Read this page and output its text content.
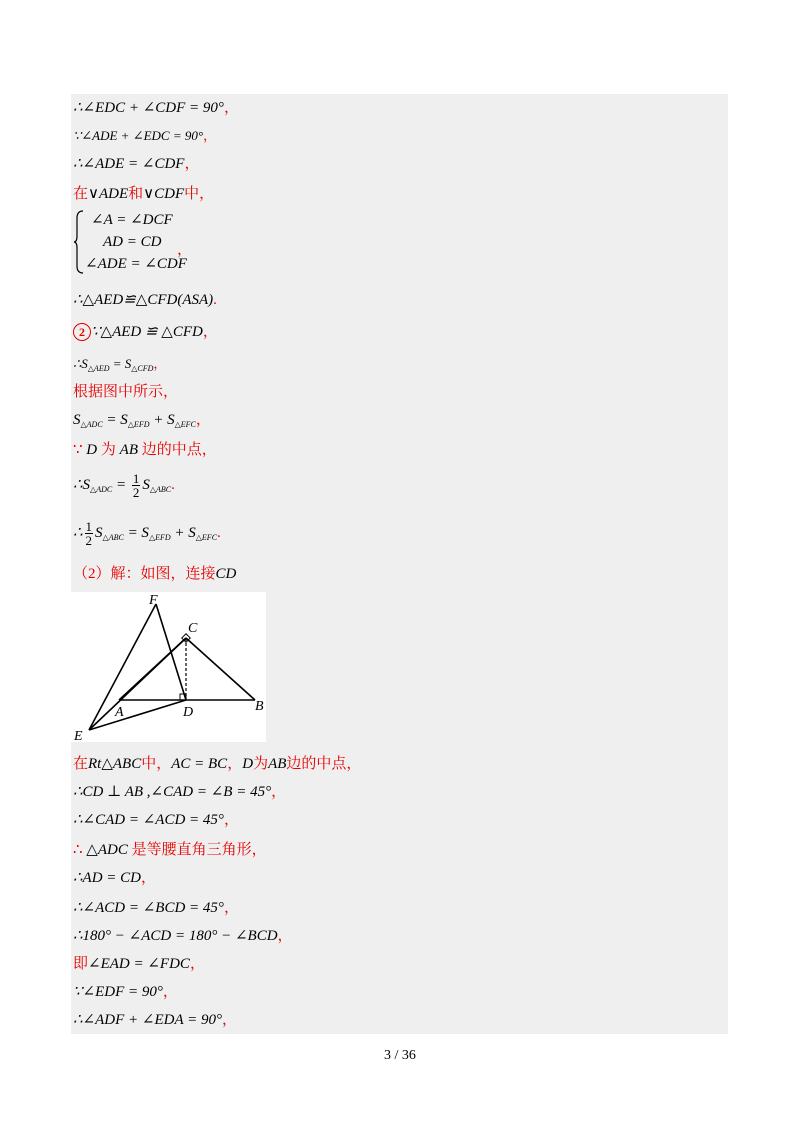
∴∠EDC + ∠CDF = 90°，
∵∠ADE + ∠EDC = 90°，
∴∠ADE = ∠CDF，
在∨ADE和∨CDF中，
∠A = ∠DCF
AD = CD
∠ADE = ∠CDF
，
∴△AED≌△CFD(ASA).
2 ∵△AED ≌ △CFD，
$\therefore S_{\triangle AED} = S_{\triangle CFD}$，
根据图中所示，
$S_{\triangle ADC} = S_{\triangle EFD} + S_{\triangle EFC}$，
∵ D 为 AB 边的中点，
$\therefore S_{\triangle ADC} = \frac{1}{2} S_{\triangle ABC}$.
∴ $\frac{1}{2} S_{\triangle ABC} = S_{\triangle EFD} + S_{\triangle EFC}$.
（2）解：如图，连接CD
F
C
B
A	D
E
在Rt△ABC中，AC = BC，D为AB边的中点，
∴CD ⊥ AB ,∠CAD = ∠B = 45°，
∴∠CAD = ∠ACD = 45°，
∴ △ADC 是等腰直角三角形，
∴AD = CD，
∴∠ACD = ∠BCD = 45°，
∴180° − ∠ACD = 180° − ∠BCD，
即∠EAD = ∠FDC，
∵∠EDF = 90°，
∴∠ADF + ∠EDA = 90°，
3 / 36
